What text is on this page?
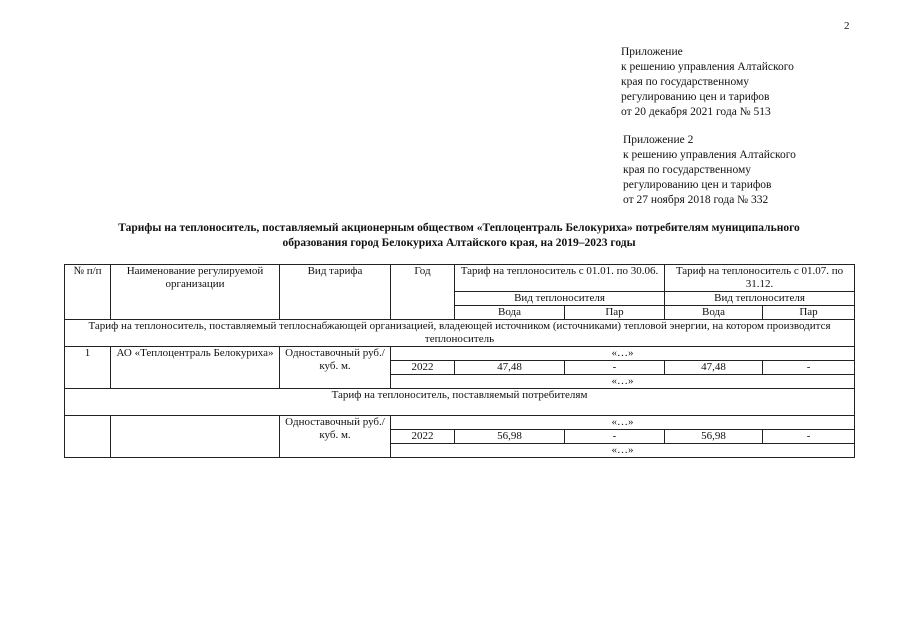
2
Приложение
к решению управления Алтайского
края по государственному
регулированию цен и тарифов
от 20 декабря 2021 года № 513
Приложение 2
к решению управления Алтайского
края по государственному
регулированию цен и тарифов
от 27 ноября 2018 года № 332
Тарифы на теплоноситель, поставляемый акционерным обществом «Теплоцентраль Белокуриха» потребителям муниципального
образования город Белокуриха Алтайского края, на 2019–2023 годы
№ п/п	Наименование регулируемой организации	Вид тарифа	Год	Тариф на теплоноситель с 01.01. по 30.06.		Тариф на теплоноситель с 01.07. по 31.12.	
				Вид теплоносителя		Вид теплоносителя	
				Вода	Пар	Вода	Пар
Тариф на теплоноситель, поставляемый теплоснабжающей организацией, владеющей источником (источниками) тепловой энергии, на котором производится теплоноситель							
1	АО «Теплоцентраль Белокуриха»	Одноставочный руб./куб. м.	«…»				
			2022	47,48	-	47,48	-
			«…»				
Тариф на теплоноситель, поставляемый потребителям							
		Одноставочный руб./куб. м.	«…»				
			2022	56,98	-	56,98	-
			«…»				
